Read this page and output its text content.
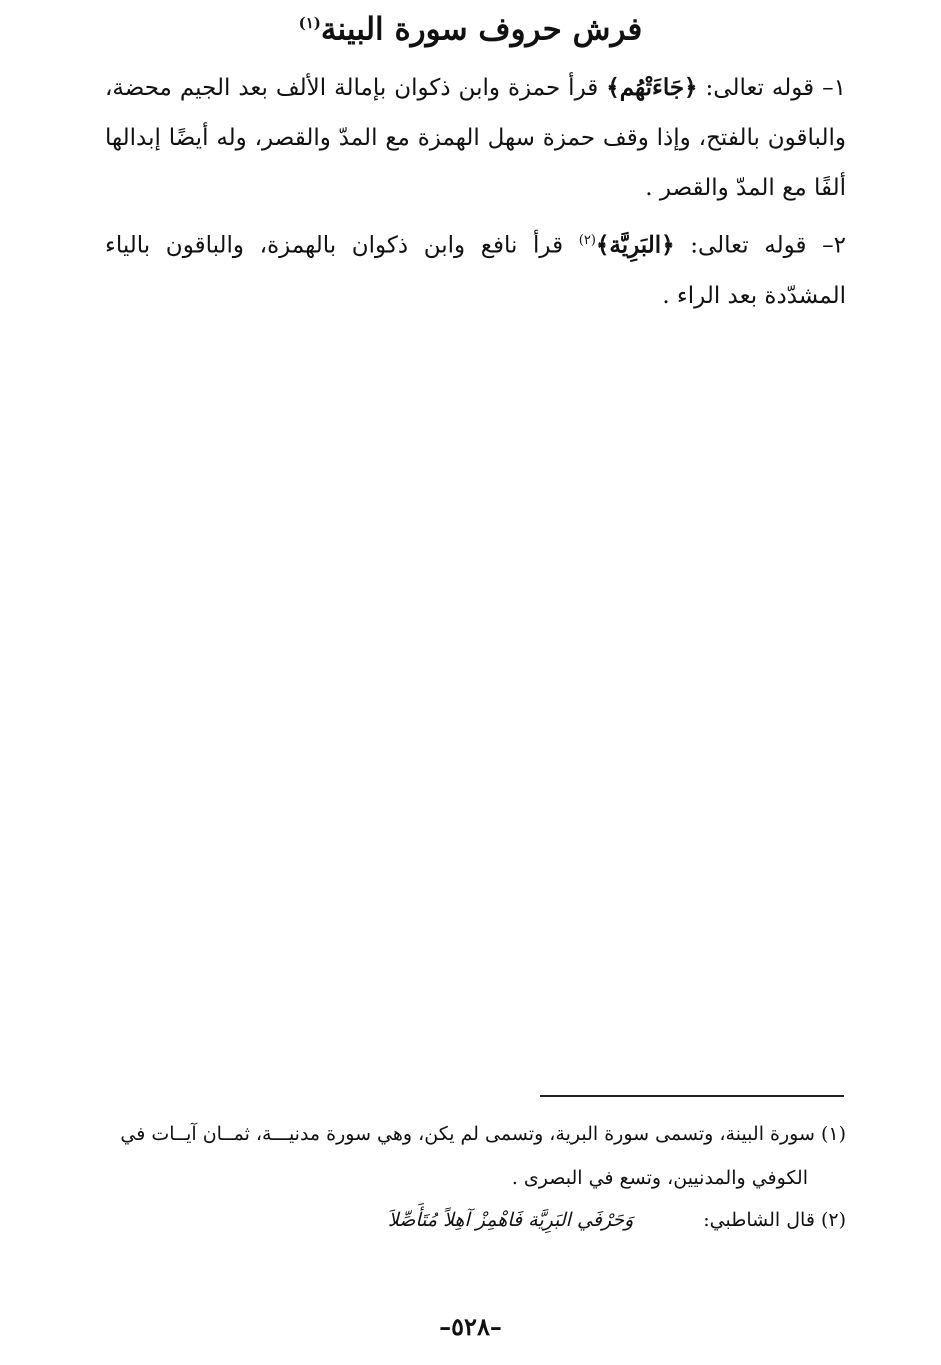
فرش حروف سورة البينة$^{(١)}$
١– قوله تعالى: ﴿جَاءَتْهُم﴾ قرأ حمزة وابن ذكوان بإمالة الألف بعد الجيم محضة، والباقون بالفتح، وإذا وقف حمزة سهل الهمزة مع المدّ والقصر، وله أيضًا إبدالها ألفًا مع المدّ والقصر .
٢– قوله تعالى: ﴿البَرِيَّة﴾$^{(٢)}$ قرأ نافع وابن ذكوان بالهمزة، والباقون بالياء المشدّدة بعد الراء .
(١) سورة البينة، وتسمى سورة البرية، وتسمى لم يكن، وهي سورة مدنيـــة، ثمــان آيــات في
الكوفي والمدنيين، وتسع في البصرى .
(٢) قال الشاطبي:وَحَرْفَي البَرِيَّة فَاهْمِزْ آهِلاً مُتَأَصِّلاَ
–٥٢٨–
